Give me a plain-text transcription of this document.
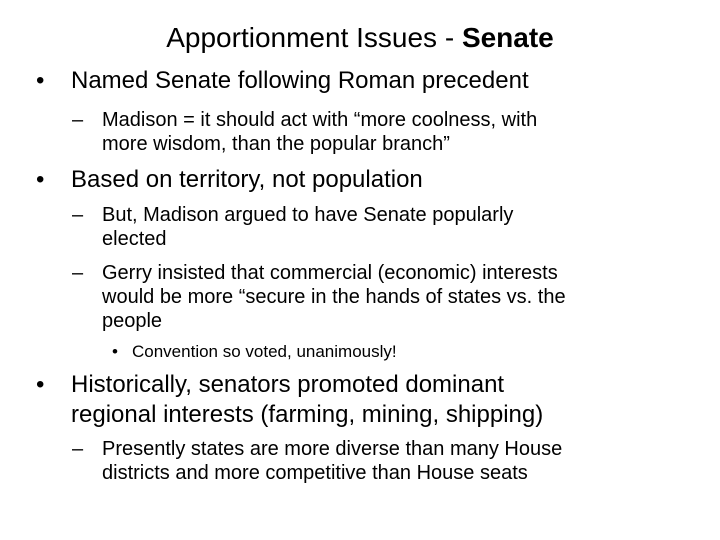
Apportionment Issues - Senate
• Named Senate following Roman precedent
– Madison = it should act with “more coolness, with
more wisdom, than the popular branch”
• Based on territory, not population
– But, Madison argued to have Senate popularly
elected
– Gerry insisted that commercial (economic) interests
would be more “secure in the hands of states vs. the
people
• Convention so voted, unanimously!
• Historically, senators promoted dominant
regional interests (farming, mining, shipping)
– Presently states are more diverse than many House
districts and more competitive than House seats
